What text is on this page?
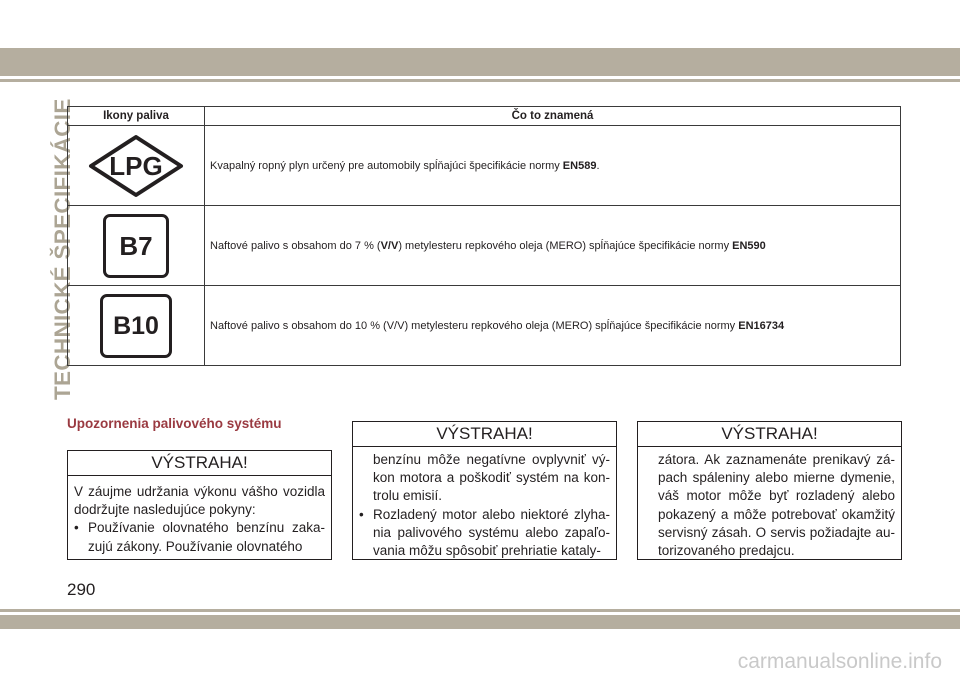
TECHNICKÉ ŠPECIFIKÁCIE Ikony paliva	Čo to znamená

LPG	Kvapalný ropný plyn určený pre automobily spĺňajúci špecifikácie normy EN589.
B7	Naftové palivo s obsahom do 7 % (V/V) metylesteru repkového oleja (MERO) spĺňajúce špecifikácie normy EN590
B10	Naftové palivo s obsahom do 10 % (V/V) metylesteru repkového oleja (MERO) spĺňajúce špecifikácie normy EN16734
Upozornenia palivového systému
VÝSTRAHA!
V záujme udržania výkonu vášho vozidla dodržujte nasledujúce pokyny:
• Používanie olovnatého benzínu zaka-zujú zákony. Používanie olovnatého
VÝSTRAHA!
benzínu môže negatívne ovplyvniť vý-kon motora a poškodiť systém na kon-trolu emisií.
• Rozladený motor alebo niektoré zlyha-nia palivového systému alebo zapaľo-vania môžu spôsobiť prehriatie kataly-
VÝSTRAHA!
zátora. Ak zaznamenáte prenikavý zá-pach spáleniny alebo mierne dymenie, váš motor môže byť rozladený alebo pokazený a môže potrebovať okamžitý servisný zásah. O servis požiadajte au-torizovaného predajcu.
290
carmanualsonline.info
